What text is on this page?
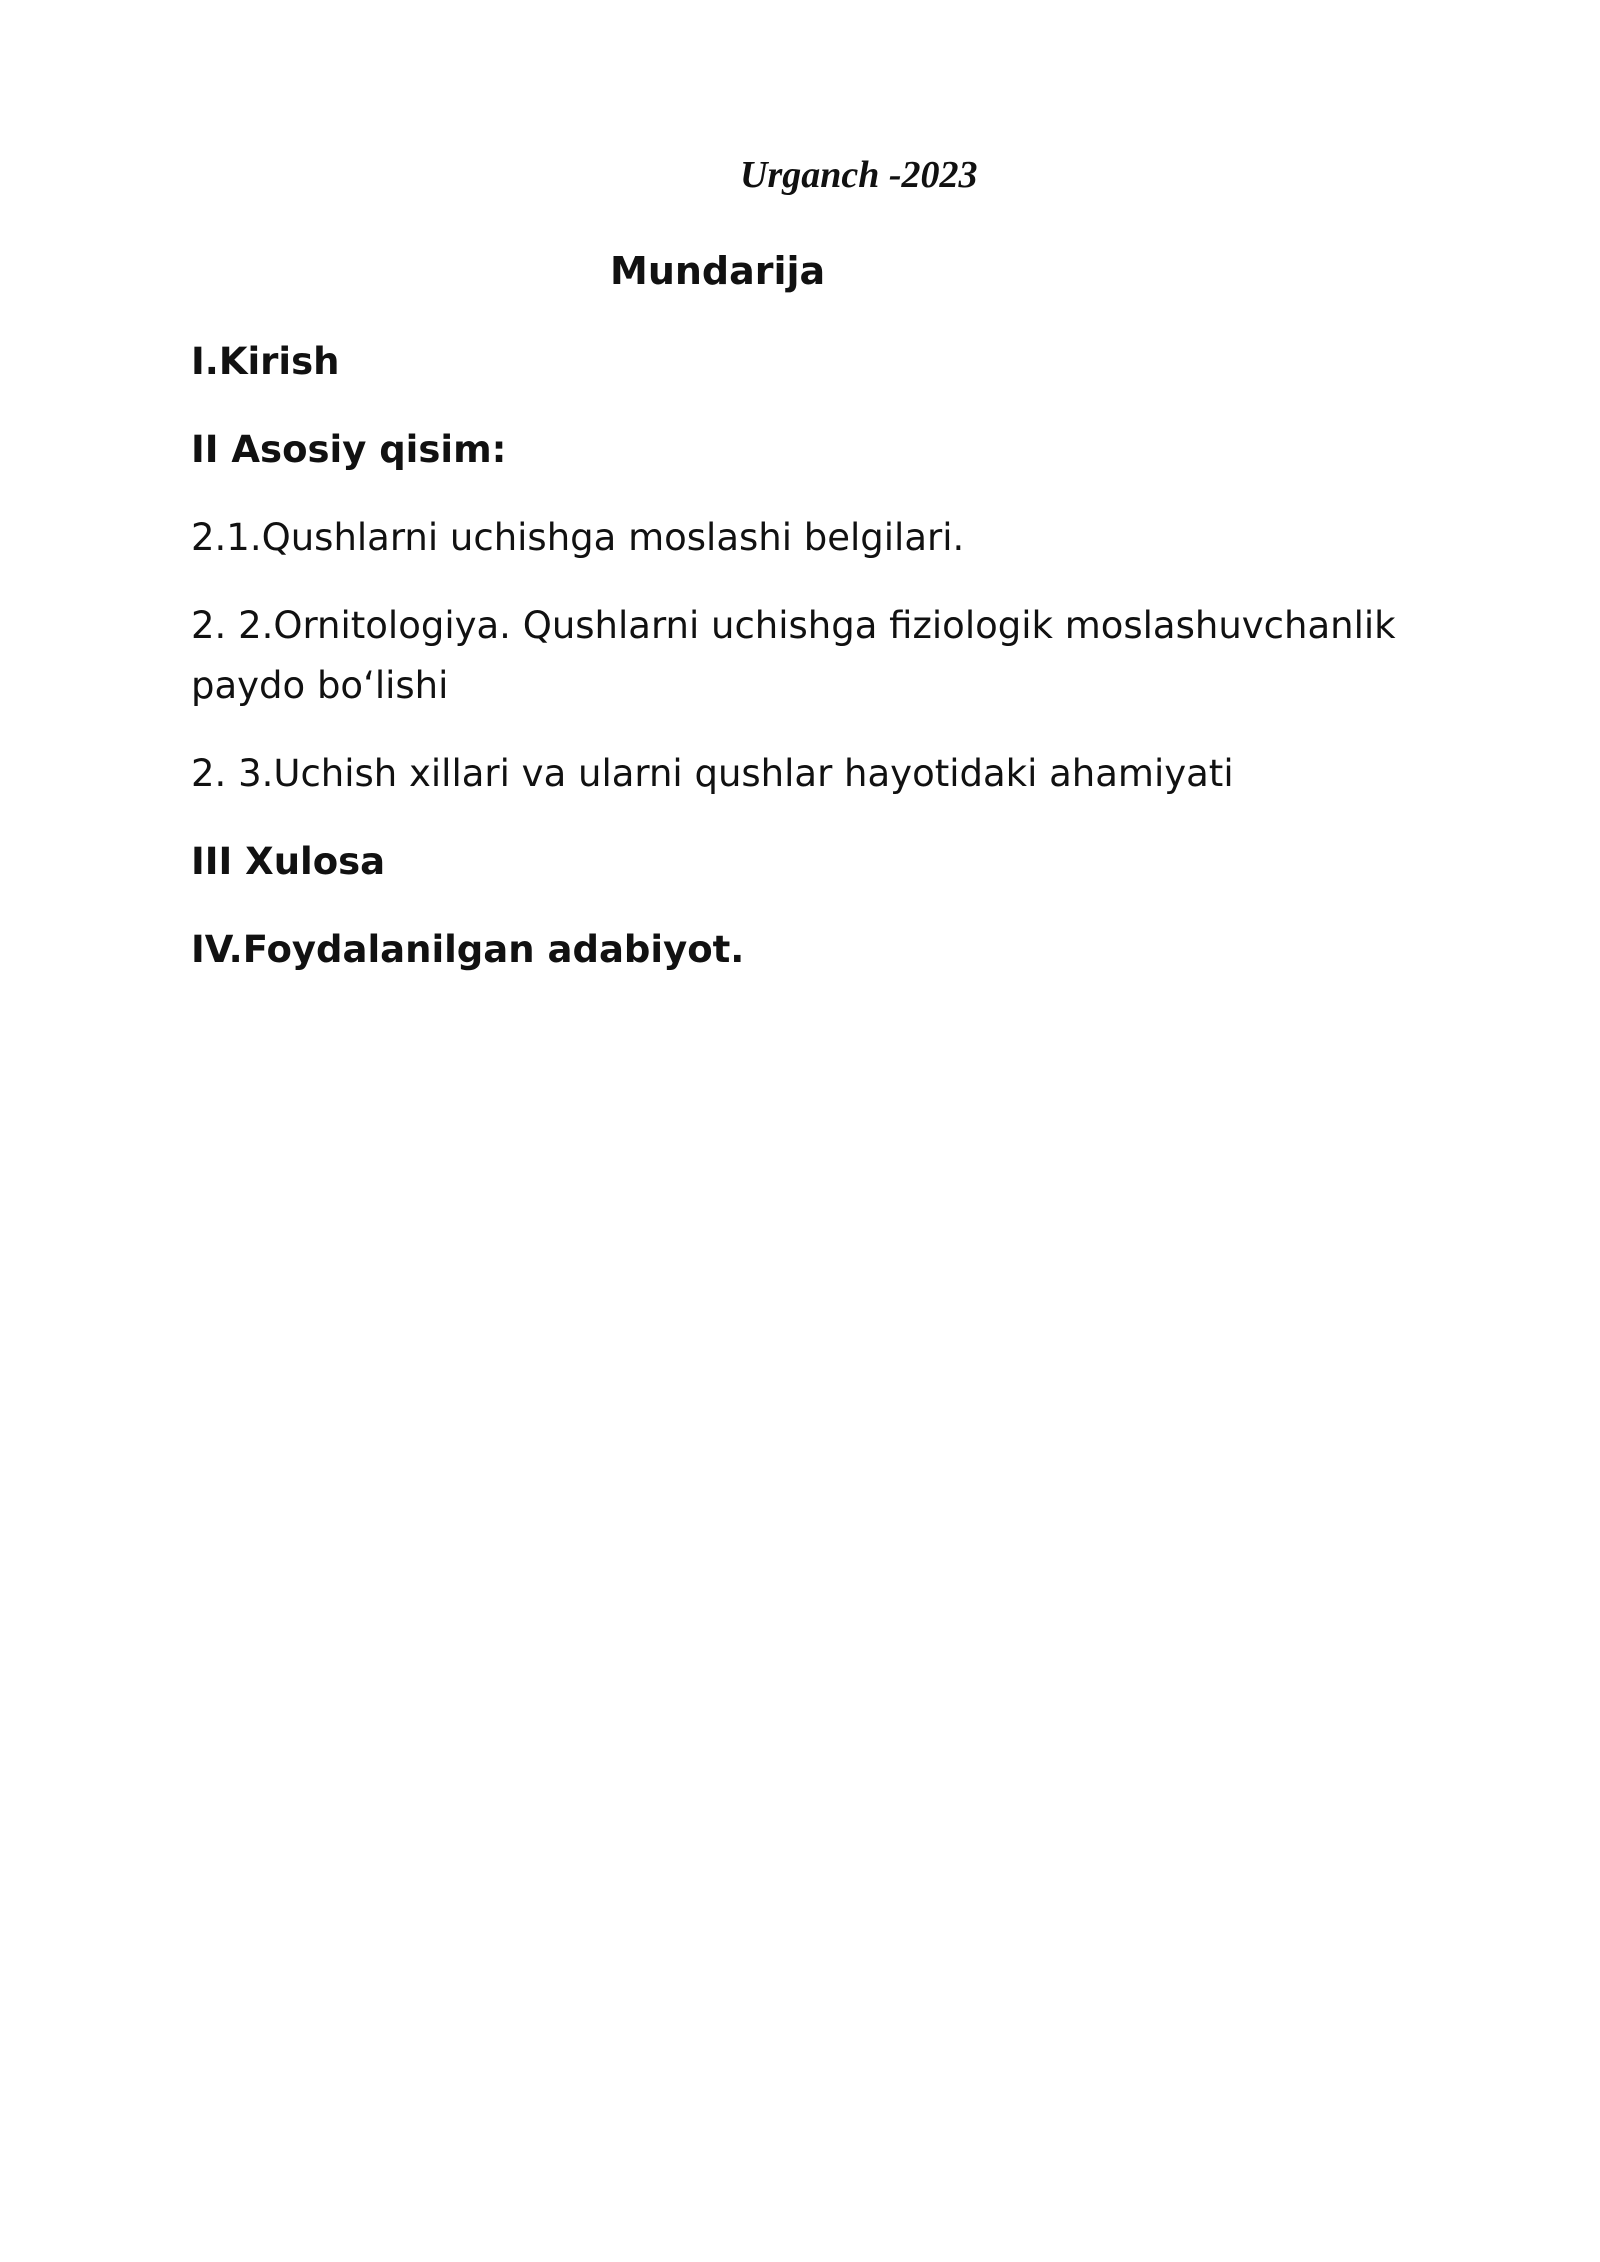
Urganch -2023
Mundarija
I.Kirish
II Asosiy qisim:
2.1.Qushlarni uchishga moslashi belgilari.
2. 2.Ornitologiya. Qushlarni uchishga fiziologik moslashuvchanlik paydo bo‘lishi
2. 3.Uchish xillari va ularni qushlar hayotidaki ahamiyati
III Xulosa
IV.Foydalanilgan adabiyot.
